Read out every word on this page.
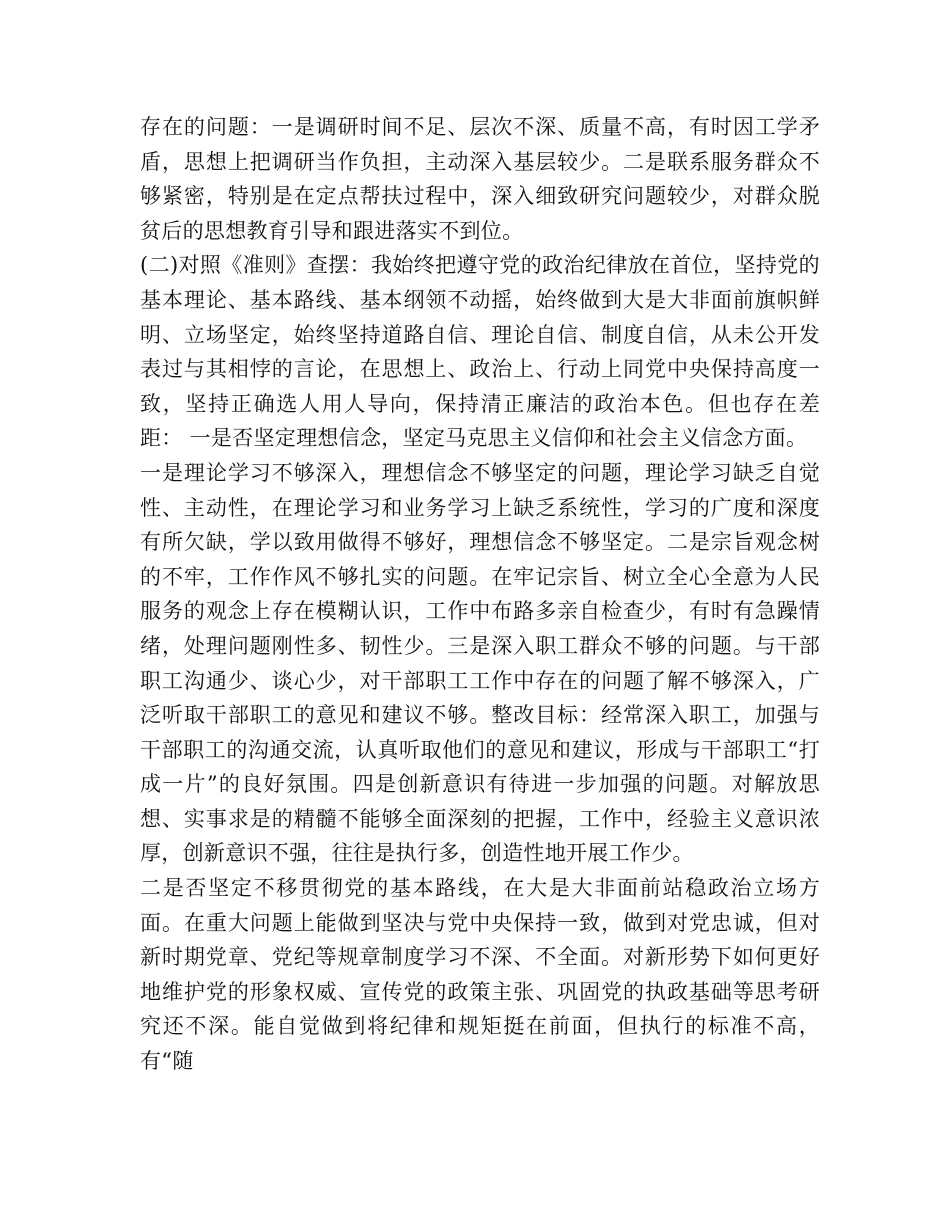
存在的问题：一是调研时间不足、层次不深、质量不高，有时因工学矛盾，思想上把调研当作负担，主动深入基层较少。二是联系服务群众不够紧密，特别是在定点帮扶过程中，深入细致研究问题较少，对群众脱贫后的思想教育引导和跟进落实不到位。

(二)对照《准则》查摆：我始终把遵守党的政治纪律放在首位，坚持党的基本理论、基本路线、基本纲领不动摇，始终做到大是大非面前旗帜鲜明、立场坚定，始终坚持道路自信、理论自信、制度自信，从未公开发表过与其相悖的言论，在思想上、政治上、行动上同党中央保持高度一致，坚持正确选人用人导向，保持清正廉洁的政治本色。但也存在差距： 一是否坚定理想信念，坚定马克思主义信仰和社会主义信念方面。

一是理论学习不够深入，理想信念不够坚定的问题，理论学习缺乏自觉性、主动性，在理论学习和业务学习上缺乏系统性，学习的广度和深度有所欠缺，学以致用做得不够好，理想信念不够坚定。二是宗旨观念树的不牢，工作作风不够扎实的问题。在牢记宗旨、树立全心全意为人民服务的观念上存在模糊认识，工作中布路多亲自检查少，有时有急躁情绪，处理问题刚性多、韧性少。三是深入职工群众不够的问题。与干部职工沟通少、谈心少，对干部职工工作中存在的问题了解不够深入，广泛听取干部职工的意见和建议不够。整改目标：经常深入职工，加强与干部职工的沟通交流，认真听取他们的意见和建议，形成与干部职工“打成一片”的良好氛围。四是创新意识有待进一步加强的问题。对解放思想、实事求是的精髓不能够全面深刻的把握，工作中，经验主义意识浓厚，创新意识不强，往往是执行多，创造性地开展工作少。

二是否坚定不移贯彻党的基本路线，在大是大非面前站稳政治立场方面。在重大问题上能做到坚决与党中央保持一致，做到对党忠诚，但对新时期党章、党纪等规章制度学习不深、不全面。对新形势下如何更好地维护党的形象权威、宣传党的政策主张、巩固党的执政基础等思考研究还不深。能自觉做到将纪律和规矩挺在前面，但执行的标准不高，有“随
